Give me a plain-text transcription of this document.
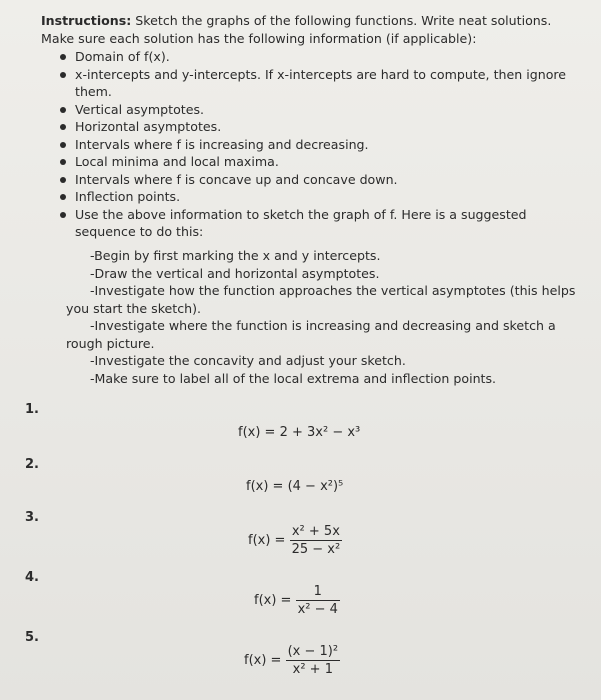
Instructions: Sketch the graphs of the following functions. Write neat solutions. Make sure each solution has the following information (if applicable):
Domain of f(x).
x-intercepts and y-intercepts. If x-intercepts are hard to compute, then ignore them.
Vertical asymptotes.
Horizontal asymptotes.
Intervals where f is increasing and decreasing.
Local minima and local maxima.
Intervals where f is concave up and concave down.
Inflection points.
Use the above information to sketch the graph of f. Here is a suggested sequence to do this:
-Begin by first marking the x and y intercepts.
-Draw the vertical and horizontal asymptotes.
-Investigate how the function approaches the vertical asymptotes (this helps you start the sketch).
-Investigate where the function is increasing and decreasing and sketch a rough picture.
-Investigate the concavity and adjust your sketch.
-Make sure to label all of the local extrema and inflection points.
1.
f(x) = 2 + 3x² − x³
2.
f(x) = (4 − x²)⁵
3.
$f(x) = \frac{\text{x² + 5x}}{\text{25 − x²}}$
4.
$f(x) = \frac{1}{\text{x² − 4}}$
5.
$f(x) = \frac{\text{(x − 1)²}}{\text{x² + 1}}$
